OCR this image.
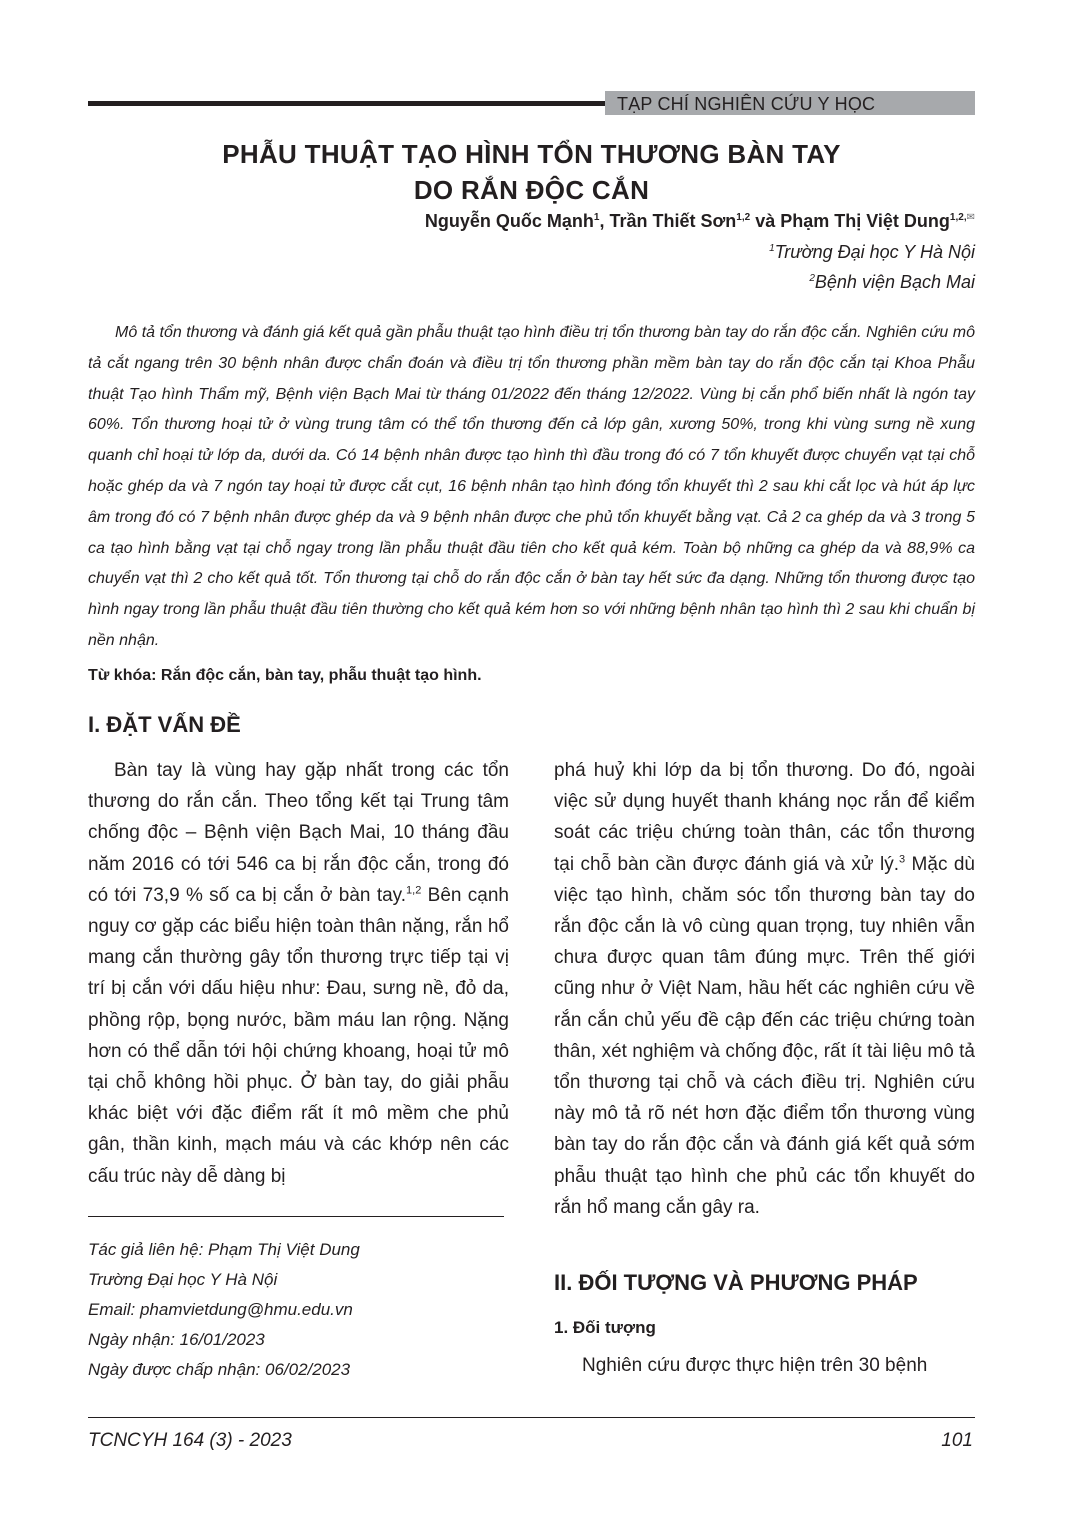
TẠP CHÍ NGHIÊN CỨU Y HỌC
PHẪU THUẬT TẠO HÌNH TỔN THƯƠNG BÀN TAY
DO RẮN ĐỘC CẮN
Nguyễn Quốc Mạnh$^1$, Trần Thiết Sơn$^{1,2}$ và Phạm Thị Việt Dung$^{1,2,✉}$
$^1$Trường Đại học Y Hà Nội
$^2$Bệnh viện Bạch Mai

Mô tả tổn thương và đánh giá kết quả gần phẫu thuật tạo hình điều trị tổn thương bàn tay do rắn độc cắn. Nghiên cứu mô tả cắt ngang trên 30 bệnh nhân được chẩn đoán và điều trị tổn thương phần mềm bàn tay do rắn độc cắn tại Khoa Phẫu thuật Tạo hình Thẩm mỹ, Bệnh viện Bạch Mai từ tháng 01/2022 đến tháng 12/2022. Vùng bị cắn phổ biến nhất là ngón tay 60%. Tổn thương hoại tử ở vùng trung tâm có thể tổn thương đến cả lớp gân, xương 50%, trong khi vùng sưng nề xung quanh chỉ hoại tử lớp da, dưới da. Có 14 bệnh nhân được tạo hình thì đầu trong đó có 7 tổn khuyết được chuyển vạt tại chỗ hoặc ghép da và 7 ngón tay hoại tử được cắt cụt, 16 bệnh nhân tạo hình đóng tổn khuyết thì 2 sau khi cắt lọc và hút áp lực âm trong đó có 7 bệnh nhân được ghép da và 9 bệnh nhân được che phủ tổn khuyết bằng vạt. Cả 2 ca ghép da và 3 trong 5 ca tạo hình bằng vạt tại chỗ ngay trong lần phẫu thuật đầu tiên cho kết quả kém. Toàn bộ những ca ghép da và 88,9% ca chuyển vạt thì 2 cho kết quả tốt. Tổn thương tại chỗ do rắn độc cắn ở bàn tay hết sức đa dạng. Những tổn thương được tạo hình ngay trong lần phẫu thuật đầu tiên thường cho kết quả kém hơn so với những bệnh nhân tạo hình thì 2 sau khi chuẩn bị nền nhận.

Từ khóa: Rắn độc cắn, bàn tay, phẫu thuật tạo hình.
I. ĐẶT VẤN ĐỀ

Bàn tay là vùng hay gặp nhất trong các tổn thương do rắn cắn. Theo tổng kết tại Trung tâm chống độc – Bệnh viện Bạch Mai, 10 tháng đầu năm 2016 có tới 546 ca bị rắn độc cắn, trong đó có tới 73,9 % số ca bị cắn ở bàn tay.$^{1,2}$ Bên cạnh nguy cơ gặp các biểu hiện toàn thân nặng, rắn hổ mang cắn thường gây tổn thương trực tiếp tại vị trí bị cắn với dấu hiệu như: Đau, sưng nề, đỏ da, phồng rộp, bọng nước, bầm máu lan rộng. Nặng hơn có thể dẫn tới hội chứng khoang, hoại tử mô tại chỗ không hồi phục. Ở bàn tay, do giải phẫu khác biệt với đặc điểm rất ít mô mềm che phủ gân, thần kinh, mạch máu và các khớp nên các cấu trúc này dễ dàng bị

phá huỷ khi lớp da bị tổn thương. Do đó, ngoài việc sử dụng huyết thanh kháng nọc rắn để kiểm soát các triệu chứng toàn thân, các tổn thương tại chỗ bàn cần được đánh giá và xử lý.$^3$ Mặc dù việc tạo hình, chăm sóc tổn thương bàn tay do rắn độc cắn là vô cùng quan trọng, tuy nhiên vẫn chưa được quan tâm đúng mực. Trên thế giới cũng như ở Việt Nam, hầu hết các nghiên cứu về rắn cắn chủ yếu đề cập đến các triệu chứng toàn thân, xét nghiệm và chống độc, rất ít tài liệu mô tả tổn thương tại chỗ và cách điều trị. Nghiên cứu này mô tả rõ nét hơn đặc điểm tổn thương vùng bàn tay do rắn độc cắn và đánh giá kết quả sớm phẫu thuật tạo hình che phủ các tổn khuyết do rắn hổ mang cắn gây ra.

II. ĐỐI TƯỢNG VÀ PHƯƠNG PHÁP
1. Đối tượng

Nghiên cứu được thực hiện trên 30 bệnh

Tác giả liên hệ: Phạm Thị Việt Dung
Trường Đại học Y Hà Nội
Email: phamvietdung@hmu.edu.vn
Ngày nhận: 16/01/2023
Ngày được chấp nhận: 06/02/2023
TCNCYH 164 (3) - 2023	101
